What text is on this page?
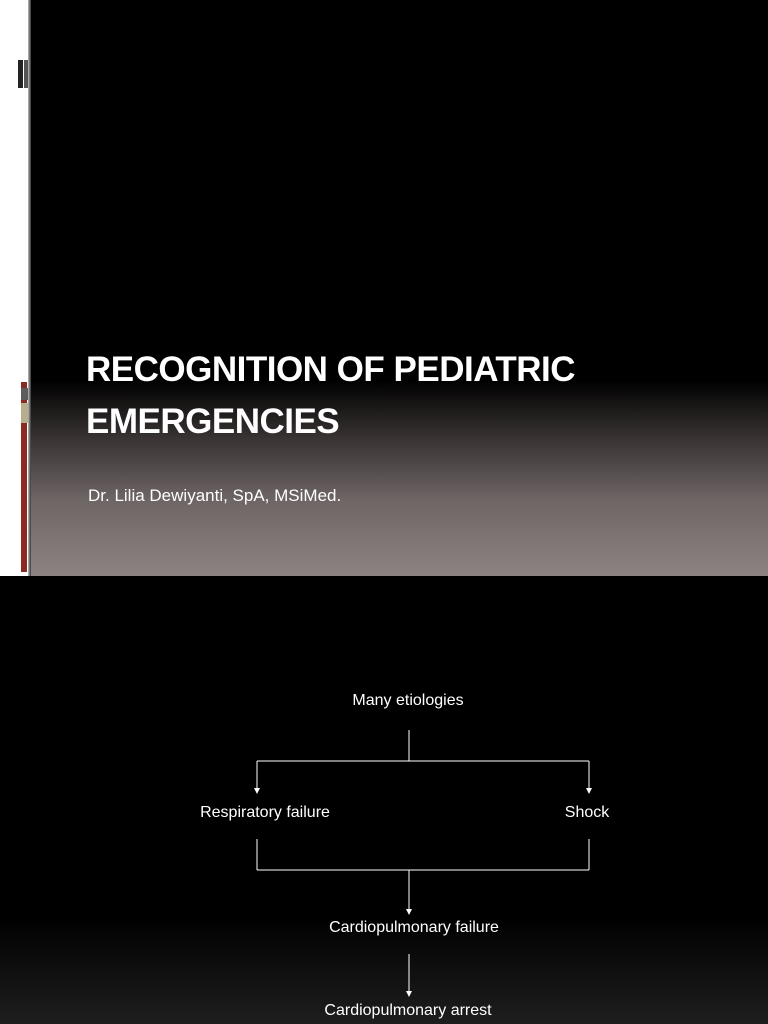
RECOGNITION OF PEDIATRIC
EMERGENCIES

Dr. Lilia Dewiyanti, SpA, MSiMed.

Many etiologies
Respiratory failure	Shock
Cardiopulmonary failure
Cardiopulmonary arrest
